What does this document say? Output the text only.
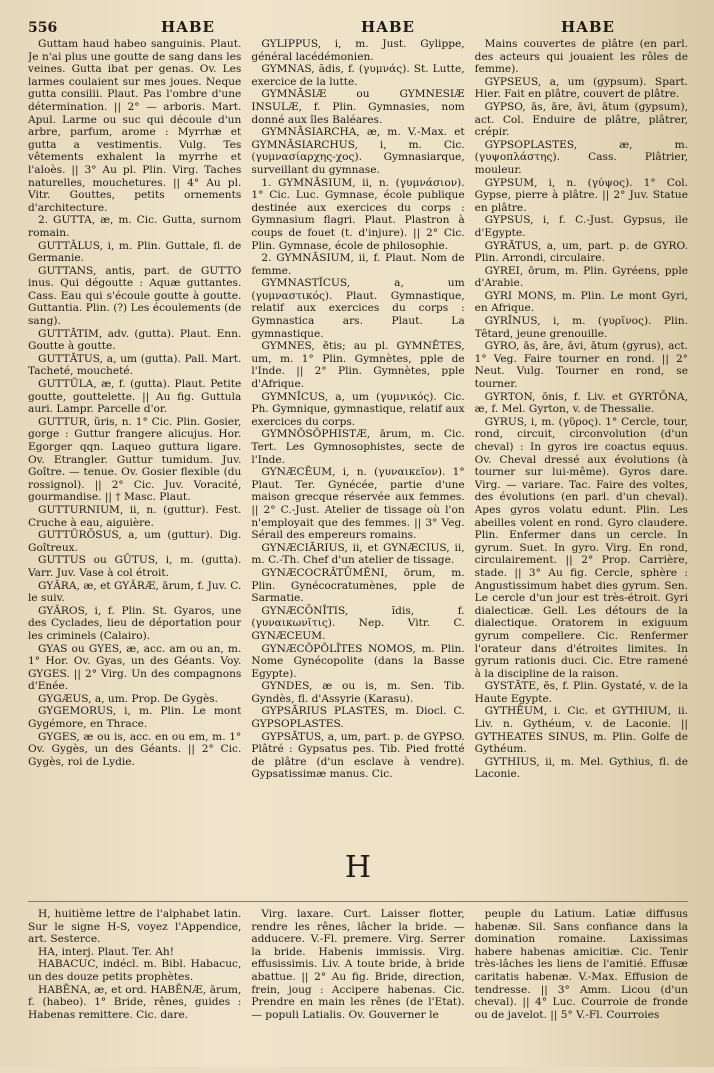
556	HABE	HABE	HABE

Guttam haud habeo sanguinis. Plaut. Je n'ai plus une goutte de sang dans les veines. Gutta ibat per genas. Ov. Les larmes coulaient sur mes joues. Neque gutta consilii. Plaut. Pas l'ombre d'une détermination. || 2° — arboris. Mart. Apul. Larme ou suc qui découle d'un arbre, parfum, arome : Myrrhæ et gutta a vestimentis. Vulg. Tes vêtements exhalent la myrrhe et l'aloès. || 3° Au pl. Plin. Virg. Taches naturelles, mouchetures. || 4° Au pl. Vitr. Gouttes, petits ornements d'architecture.

2. GUTTA, æ, m. Cic. Gutta, surnom romain.

GUTTĂLUS, i, m. Plin. Guttale, fl. de Germanie.

GUTTANS, antis, part. de GUTTO inus. Qui dégoutte : Aquæ guttantes. Cass. Eau qui s'écoule goutte à goutte. Guttantia. Plin. (?) Les écoulements (de sang).

GUTTĀTIM, adv. (gutta). Plaut. Enn. Goutte à goutte.

GUTTĀTUS, a, um (gutta). Pall. Mart. Tacheté, moucheté.

GUTTŬLA, æ, f. (gutta). Plaut. Petite goutte, gouttelette. || Au fig. Guttula auri. Lampr. Parcelle d'or.

GUTTUR, ŭris, n. 1° Cic. Plin. Gosier, gorge : Guttur frangere alicujus. Hor. Egorger qqn. Laqueo guttura ligare. Ov. Etrangler. Guttur tumidum. Juv. Goître. — tenue. Ov. Gosier flexible (du rossignol). || 2° Cic. Juv. Voracité, gourmandise. || † Masc. Plaut.

GUTTURNIUM, ii, n. (guttur). Fest. Cruche à eau, aiguière.

GUTTŬRŌSUS, a, um (guttur). Dig. Goîtreux.

GUTTUS ou GŪTUS, i, m. (gutta). Varr. Juv. Vase à col étroit.

GYĂRA, æ, et GYĂRÆ, ārum, f. Juv. C. le suiv.

GYĂROS, i, f. Plin. St. Gyaros, une des Cyclades, lieu de déportation pour les criminels (Calairo).

GYAS ou GYES, æ, acc. am ou an, m. 1° Hor. Ov. Gyas, un des Géants. Voy. GYGES. || 2° Virg. Un des compagnons d'Enée.

GYGÆUS, a, um. Prop. De Gygès.

GYGEMORUS, i, m. Plin. Le mont Gygémore, en Thrace.

GYGES, æ ou is, acc. en ou em, m. 1° Ov. Gygès, un des Géants. || 2° Cic. Gygès, roi de Lydie.

GYLIPPUS, i, m. Just. Gylippe, général lacédémonien.

GYMNAS, ădis, f. (γυμνάς). St. Lutte, exercice de la lutte.

GYMNĀSIÆ ou GYMNESIÆ INSULÆ, f. Plin. Gymnasies, nom donné aux îles Baléares.

GYMNĀSIARCHA, æ, m. V.-Max. et GYMNĀSIARCHUS, i, m. Cic. (γυμνασίαρχης-χος). Gymnasiarque, surveillant du gymnase.

1. GYMNĀSIUM, ii, n. (γυμνάσιον). 1° Cic. Luc. Gymnase, école publique destinée aux exercices du corps : Gymnasium flagri. Plaut. Plastron à coups de fouet (t. d'injure). || 2° Cic. Plin. Gymnase, école de philosophie.

2. GYMNĀSIUM, ii, f. Plaut. Nom de femme.

GYMNASTĬCUS, a, um (γυμναστικός). Plaut. Gymnastique, relatif aux exercices du corps : Gymnastica ars. Plaut. La gymnastique.

GYMNES, ētis; au pl. GYMNĒTES, um, m. 1° Plin. Gymnètes, pple de l'Inde. || 2° Plin. Gymnètes, pple d'Afrique.

GYMNĬCUS, a, um (γυμνικός). Cic. Ph. Gymnique, gymnastique, relatif aux exercices du corps.

GYMNŎSŎPHISTÆ, ārum, m. Cic. Tert. Les Gymnosophistes, secte de l'Inde.

GYNÆCĒUM, i, n. (γυναικεῖον). 1° Plaut. Ter. Gynécée, partie d'une maison grecque réservée aux femmes. || 2° C.-Just. Atelier de tissage où l'on n'employait que des femmes. || 3° Veg. Sérail des empereurs romains.

GYNÆCIĀRIUS, ii, et GYNÆCIUS, ii, m. C.-Th. Chef d'un atelier de tissage.

GYNÆCOCRĂTŪMĔNI, ōrum, m. Plin. Gynécocratumènes, pple de Sarmatie.

GYNÆCŌNĪTIS, ĭdis, f. (γυναικωνῖτις). Nep. Vitr. C. GYNÆCEUM.

GYNÆCŎPŎLĪTES NOMOS, m. Plin. Nome Gynécopolite (dans la Basse Egypte).

GYNDES, æ ou is, m. Sen. Tib. Gyndès, fl. d'Assyrie (Karasu).

GYPSĀRIUS PLASTES, m. Diocl. C. GYPSOPLASTES.

GYPSĀTUS, a, um, part. p. de GYPSO. Plâtré : Gypsatus pes. Tib. Pied frotté de plâtre (d'un esclave à vendre). Gypsatissimæ manus. Cic.

Mains couvertes de plâtre (en parl. des acteurs qui jouaient les rôles de femme).

GYPSEUS, a, um (gypsum). Spart. Hier. Fait en plâtre, couvert de plâtre.

GYPSO, ās, āre, āvi, ātum (gypsum), act. Col. Enduire de plâtre, plâtrer, crépir.

GYPSOPLASTES, æ, m. (γυψοπλάστης). Cass. Plâtrier, mouleur.

GYPSUM, i, n. (γύψος). 1° Col. Gypse, pierre à plâtre. || 2° Juv. Statue en plâtre.

GYPSUS, i, f. C.-Just. Gypsus, ile d'Egypte.

GYRĀTUS, a, um, part. p. de GYRO. Plin. Arrondi, circulaire.

GYREI, ōrum, m. Plin. Gyréens, pple d'Arabie.

GYRI MONS, m. Plin. Le mont Gyri, en Afrique.

GYRĪNUS, i, m. (γυρῖνος). Plin. Têtard, jeune grenouille.

GYRO, ās, āre, āvi, ātum (gyrus), act. 1° Veg. Faire tourner en rond. || 2° Neut. Vulg. Tourner en rond, se tourner.

GYRTON, ōnis, f. Liv. et GYRTŌNA, æ, f. Mel. Gyrton, v. de Thessalie.

GYRUS, i, m. (γῦρος). 1° Cercle, tour, rond, circuit, circonvolution (d'un cheval) : In gyros ire coactus equus. Ov. Cheval dressé aux évolutions (à tourner sur lui-même). Gyros dare. Virg. — variare. Tac. Faire des voltes, des évolutions (en parl. d'un cheval). Apes gyros volatu edunt. Plin. Les abeilles volent en rond. Gyro claudere. Plin. Enfermer dans un cercle. In gyrum. Suet. In gyro. Virg. En rond, circulairement. || 2° Prop. Carrière, stade. || 3° Au fig. Cercle, sphère : Angustissimum habet dies gyrum. Sen. Le cercle d'un jour est très-étroit. Gyri dialecticæ. Gell. Les détours de la dialectique. Oratorem in exiguum gyrum compellere. Cic. Renfermer l'orateur dans d'étroites limites. In gyrum rationis duci. Cic. Etre ramené à la discipline de la raison.

GYSTĀTE, ēs, f. Plin. Gystaté, v. de la Haute Egypte.

GYTHĒUM, i. Cic. et GYTHIUM, ii. Liv. n. Gythéum, v. de Laconie. || GYTHEATES SINUS, m. Plin. Golfe de Gythéum.

GYTHIUS, ii, m. Mel. Gythius, fl. de Laconie.

H

H, huitième lettre de l'alphabet latin. Sur le signe H-S, voyez l'Appendice, art. Sesterce.

HA, interj. Plaut. Ter. Ah!

HABACUC, indécl. m. Bibl. Habacuc, un des douze petits prophètes.

HABĒNA, æ, et ord. HABĒNÆ, ārum, f. (habeo). 1° Bride, rênes, guides : Habenas remittere. Cic. dare.

Virg. laxare. Curt. Laisser flotter, rendre les rênes, lâcher la bride. — adducere. V.-Fl. premere. Virg. Serrer la bride. Habenis immissis. Virg. effusissimis. Liv. A toute bride, à bride abattue. || 2° Au fig. Bride, direction, frein, joug : Accipere habenas. Cic. Prendre en main les rênes (de l'Etat). — populi Latialis. Ov. Gouverner le

peuple du Latium. Latiæ diffusus habenæ. Sil. Sans confiance dans la domination romaine. Laxissimas habere habenas amicitiæ. Cic. Tenir très-lâches les liens de l'amitié. Effusæ caritatis habenæ. V.-Max. Effusion de tendresse. || 3° Amm. Licou (d'un cheval). || 4° Luc. Courroie de fronde ou de javelot. || 5° V.-Fl. Courroies
